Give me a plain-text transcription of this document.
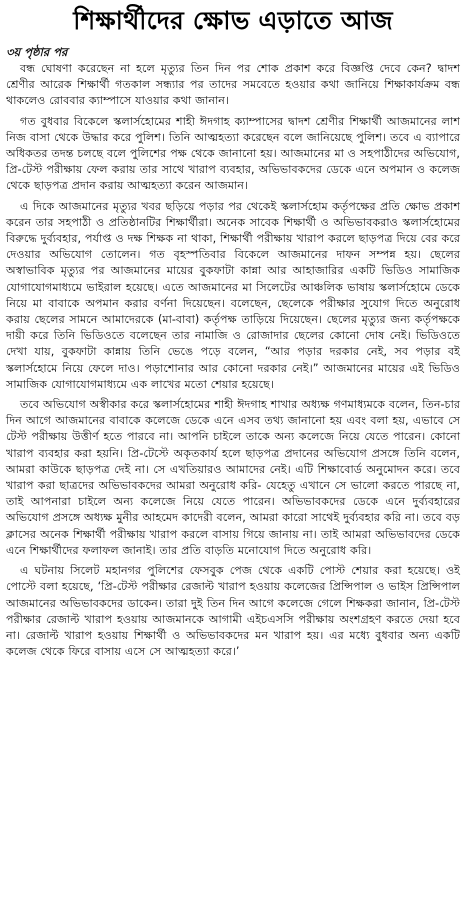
শিক্ষার্থীদের ক্ষোভ এড়াতে আজ
৩য় পৃষ্ঠার পর

বন্ধ ঘোষণা করেছেন না হলে মৃত্যুর তিন দিন পর শোক প্রকাশ করে বিজ্ঞপ্তি দেবে কেন? দ্বাদশ শ্রেণীর আরেক শিক্ষার্থী গতকাল সন্ধ্যার পর তাদের সমবেতে হওয়ার কথা জানিয়ে শিক্ষাকার্যক্রম বন্ধ থাকলেও রোববার ক্যাম্পাসে যাওয়ার কথা জানান।

গত বুধবার বিকেলে স্কলার্সহোমের শাহী ঈদগাহ ক্যাম্পাসের দ্বাদশ শ্রেণীর শিক্ষার্থী আজমানের লাশ নিজ বাসা থেকে উদ্ধার করে পুলিশ। তিনি আত্মহত্যা করেছেন বলে জানিয়েছে পুলিশ। তবে এ ব্যাপারে অধিকতর তদন্ত চলছে বলে পুলিশের পক্ষ থেকে জানানো হয়। আজমানের মা ও সহপাঠীদের অভিযোগ, প্রি-টেস্ট পরীক্ষায় ফেল করায় তার সাথে খারাপ ব্যবহার, অভিভাবকদের ডেকে এনে অপমান ও কলেজ থেকে ছাড়পত্র প্রদান করায় আত্মহত্যা করেন আজমান।

এ দিকে আজমানের মৃত্যুর খবর ছড়িয়ে পড়ার পর থেকেই স্কলার্সহোম কর্তৃপক্ষের প্রতি ক্ষোভ প্রকাশ করেন তার সহপাঠী ও প্রতিষ্ঠানটির শিক্ষার্থীরা। অনেক সাবেক শিক্ষার্থী ও অভিভাবকরাও স্কলার্সহোমের বিরুদ্ধে দুর্ব্যবহার, পর্যাপ্ত ও দক্ষ শিক্ষক না থাকা, শিক্ষার্থী পরীক্ষায় খারাপ করলে ছাড়পত্র দিয়ে বের করে দেওয়ার অভিযোগ তোলেন। গত বৃহস্পতিবার বিকেলে আজমানের দাফন সম্পন্ন হয়। ছেলের অস্বাভাবিক মৃত্যুর পর আজমানের মায়ের বুকফাটা কান্না আর আহাজারির একটি ভিডিও সামাজিক যোগাযোগমাধ্যমে ভাইরাল হয়েছে। এতে আজমানের মা সিলেটের আঞ্চলিক ভাষায় স্কলার্সহোমে ডেকে নিয়ে মা বাবাকে অপমান করার বর্ণনা দিয়েছেন। বলেছেন, ছেলেকে পরীক্ষার সুযোগ দিতে অনুরোধ করায় ছেলের সামনে আমাদেরকে (মা-বাবা) কর্তৃপক্ষ তাড়িয়ে দিয়েছেন। ছেলের মৃত্যুর জন্য কর্তৃপক্ষকে দায়ী করে তিনি ভিডিওতে বলেছেন তার নামাজি ও রোজাদার ছেলের কোনো দোষ নেই। ভিডিওতে দেখা যায়, বুকফাটা কান্নায় তিনি ভেঙে পড়ে বলেন, “আর পড়ার দরকার নেই, সব পড়ার বই স্কলার্সহোমে নিয়ে ফেলে দাও। পড়াশোনার আর কোনো দরকার নেই।” আজমানের মায়ের এই ভিডিও সামাজিক যোগাযোগমাধ্যমে এক লাখের মতো শেয়ার হয়েছে।

তবে অভিযোগ অস্বীকার করে স্কলার্সহোমের শাহী ঈদগাহ শাখার অধ্যক্ষ গণমাধ্যমকে বলেন, তিন-চার দিন আগে আজমানের বাবাকে কলেজে ডেকে এনে এসব তথ্য জানানো হয় এবং বলা হয়, এভাবে সে টেস্ট পরীক্ষায় উত্তীর্ণ হতে পারবে না। আপনি চাইলে তাকে অন্য কলেজে নিয়ে যেতে পারেন। কোনো খারাপ ব্যবহার করা হয়নি। প্রি-টেস্টে অকৃতকার্য হলে ছাড়পত্র প্রদানের অভিযোগ প্রসঙ্গে তিনি বলেন, আমরা কাউকে ছাড়পত্র দেই না। সে এখতিয়ারও আমাদের নেই। এটি শিক্ষাবোর্ড অনুমোদন করে। তবে খারাপ করা ছাত্রদের অভিভাবকদের আমরা অনুরোধ করি- যেহেতু এখানে সে ভালো করতে পারছে না, তাই আপনারা চাইলে অন্য কলেজে নিয়ে যেতে পারেন। অভিভাবকদের ডেকে এনে দুর্ব্যবহারের অভিযোগ প্রসঙ্গে অধ্যক্ষ মুনীর আহমেদ কাদেরী বলেন, আমরা কারো সাথেই দুর্ব্যবহার করি না। তবে বড় ক্লাসের অনেক শিক্ষার্থী পরীক্ষায় খারাপ করলে বাসায় গিয়ে জানায় না। তাই আমরা অভিভাবদের ডেকে এনে শিক্ষার্থীদের ফলাফল জানাই। তার প্রতি বাড়তি মনোযোগ দিতে অনুরোধ করি।

এ ঘটনায় সিলেট মহানগর পুলিশের ফেসবুক পেজ থেকে একটি পোস্ট শেয়ার করা হয়েছে। ওই পোস্টে বলা হয়েছে, ‘প্রি-টেস্ট পরীক্ষার রেজাল্ট খারাপ হওয়ায় কলেজের প্রিন্সিপাল ও ভাইস প্রিন্সিপাল আজমানের অভিভাবকদের ডাকেন। তারা দুই তিন দিন আগে কলেজে গেলে শিক্ষকরা জানান, প্রি-টেস্ট পরীক্ষার রেজাল্ট খারাপ হওয়ায় আজমানকে আগামী এইচএসসি পরীক্ষায় অংশগ্রহণ করতে দেয়া হবে না। রেজাল্ট খারাপ হওয়ায় শিক্ষার্থী ও অভিভাবকদের মন খারাপ হয়। এর মধ্যে বুধবার অন্য একটি কলেজ থেকে ফিরে বাসায় এসে সে আত্মহত্যা করে।’
